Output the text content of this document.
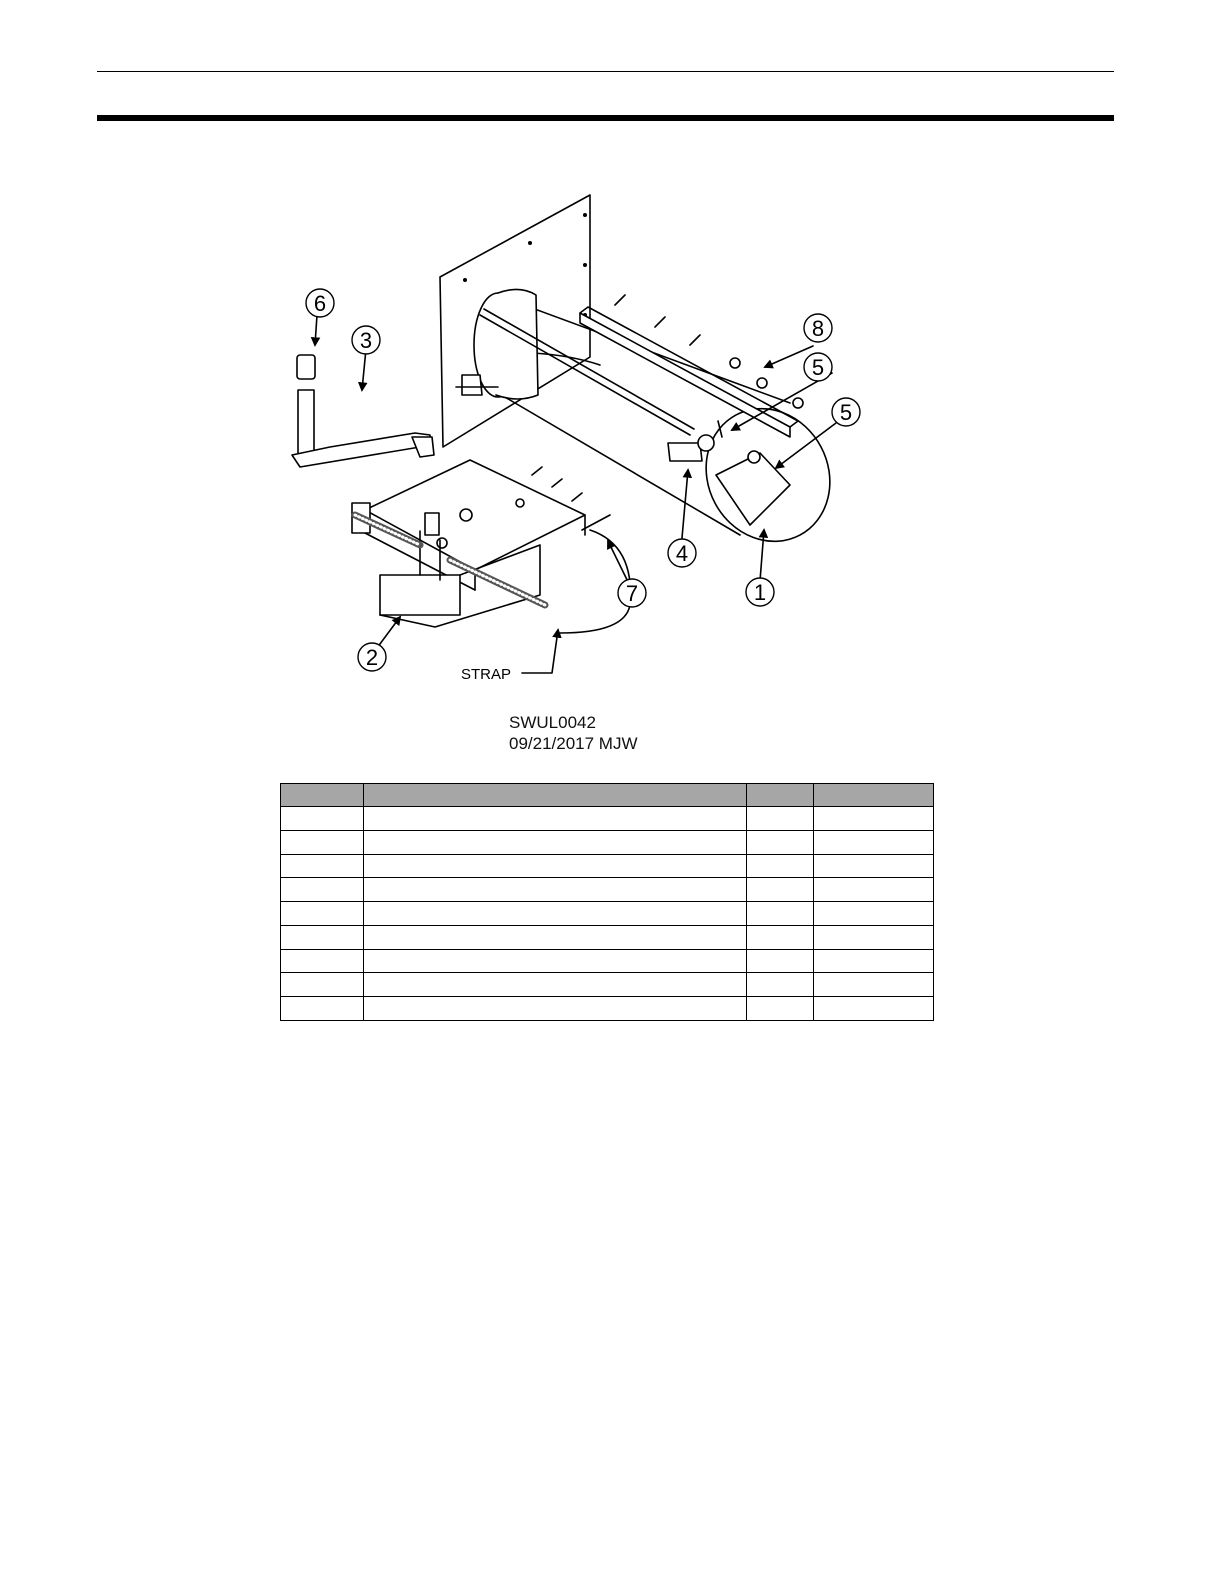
6
3	8
5
5
4
7	1
2
STRAP
SWUL0042
09/21/2017 MJW
